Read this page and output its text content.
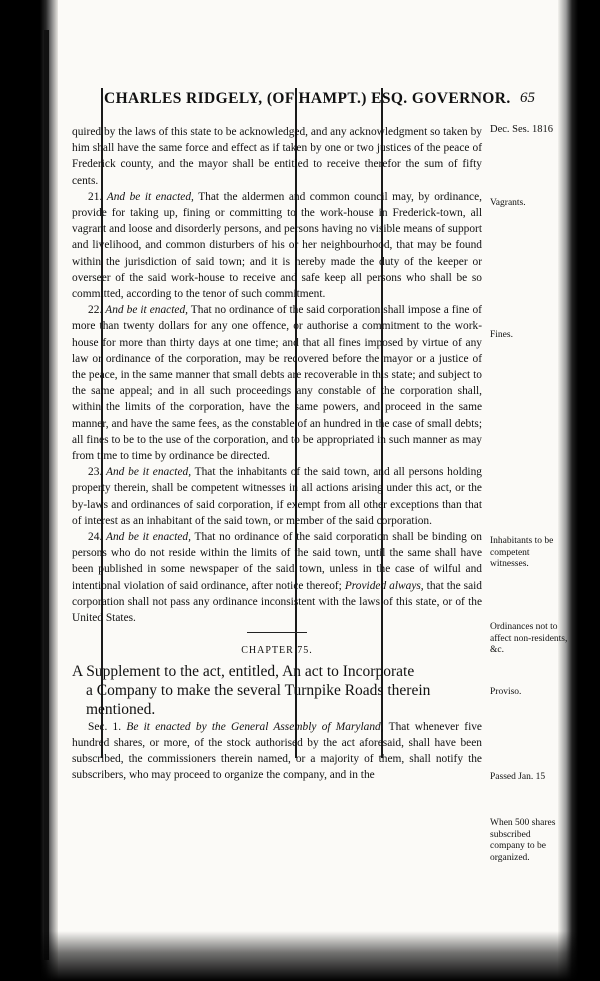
CHARLES RIDGELY, (OF HAMPT.) ESQ. GOVERNOR. 65
Dec. Ses. 1816
Vagrants.
Fines.
Inhabitants to be competent witnesses.
Ordinances not to affect non-residents, &c.
Proviso.
Passed Jan. 15
When 500 shares subscribed company to be organized.

quired by the laws of this state to be acknowledged, and any acknowledgment so taken by him shall have the same force and effect as if taken by one or two justices of the peace of Frederick county, and the mayor shall be entitled to receive therefor the sum of fifty cents.

21. And be it enacted, That the aldermen and common council may, by ordinance, provide for taking up, fining or committing to the work-house in Frederick-town, all vagrant and loose and disorderly persons, and persons having no visible means of support and livelihood, and common disturbers of his or her neighbourhood, that may be found within the jurisdiction of said town; and it is hereby made the duty of the keeper or overseer of the said work-house to receive and safe keep all persons who shall be so committed, according to the tenor of such commitment.

22. And be it enacted, That no ordinance of the said corporation shall impose a fine of more than twenty dollars for any one offence, or authorise a commitment to the work-house for more than thirty days at one time; and that all fines imposed by virtue of any law or ordinance of the corporation, may be recovered before the mayor or a justice of the peace, in the same manner that small debts are recoverable in this state; and subject to the same appeal; and in all such proceedings any constable of the corporation shall, within the limits of the corporation, have the same powers, and proceed in the same manner, and have the same fees, as the constable of an hundred in the case of small debts; all fines to be to the use of the corporation, and to be appropriated in such manner as may from time to time by ordinance be directed.

23. And be it enacted, That the inhabitants of the said town, and all persons holding property therein, shall be competent witnesses in all actions arising under this act, or the by-laws and ordinances of said corporation, if exempt from all other exceptions than that of interest as an inhabitant of the said town, or member of the said corporation.

24. And be it enacted, That no ordinance of the said corporation shall be binding on persons who do not reside within the limits of the said town, until the same shall have been published in some newspaper of the said town, unless in the case of wilful and intentional violation of said ordinance, after notice thereof; Provided always, that the said corporation shall not pass any ordinance inconsistent with the laws of this state, or of the United States.

CHAPTER 75.

A Supplement to the act, entitled, An act to Incorporate
a Company to make the several Turnpike Roads therein
mentioned.

Sec. 1. Be it enacted by the General Assembly of Maryland, That whenever five hundred shares, or more, of the stock authorised by the act aforesaid, shall have been subscribed, the commissioners therein named, or a majority of them, shall notify the subscribers, who may proceed to organize the company, and in the
